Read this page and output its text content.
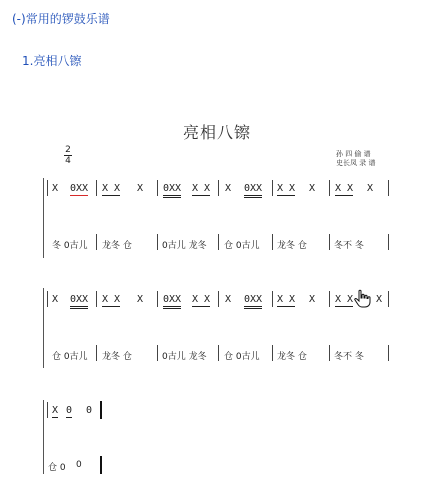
(-)常用的锣鼓乐谱
1.亮相八镲
亮相八镲
2
4
孙 四 偷 谱
史长凤 录 谱
X 0XX X X X 0XX X X X 0XX X X X X X X
冬 0古儿 龙冬 仓	0古儿 龙冬 仓 0古儿 龙冬 仓	冬不 冬
X 0XX X X X 0XX X X X 0XX X X X X X X
仓 0古儿 龙冬 仓	0古儿 龙冬 仓 0古儿 龙冬 仓	冬不 冬
X 0 0
仓 0 0
